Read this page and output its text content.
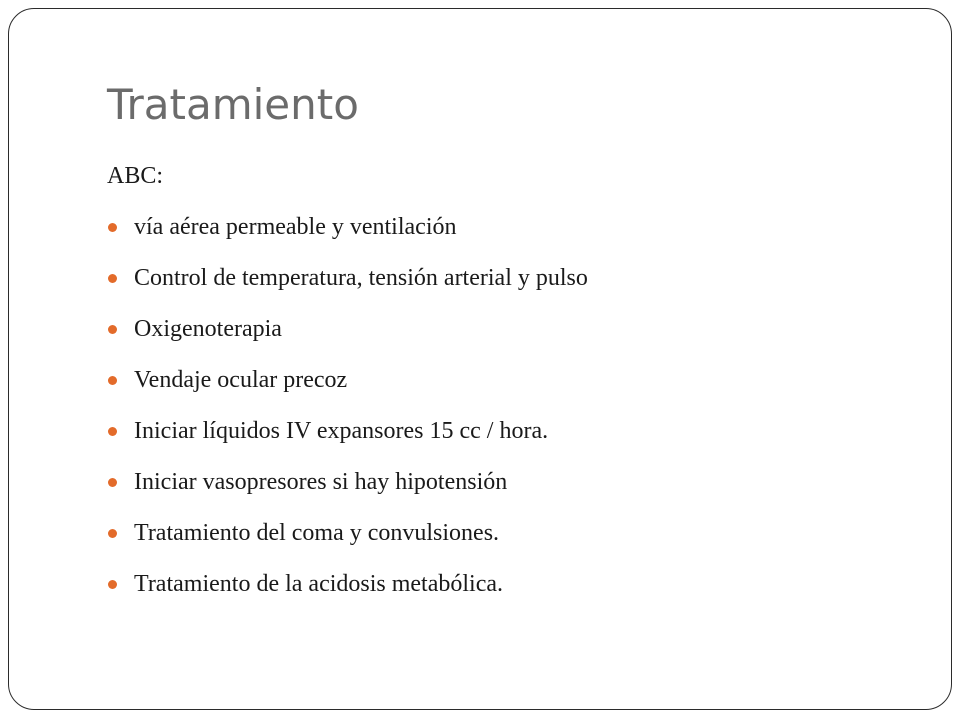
Tratamiento
ABC:
vía aérea permeable y ventilación
Control de temperatura, tensión arterial y pulso
Oxigenoterapia
Vendaje ocular precoz
Iniciar líquidos IV expansores 15 cc / hora.
Iniciar vasopresores si hay hipotensión
Tratamiento del coma y convulsiones.
Tratamiento de la acidosis metabólica.
